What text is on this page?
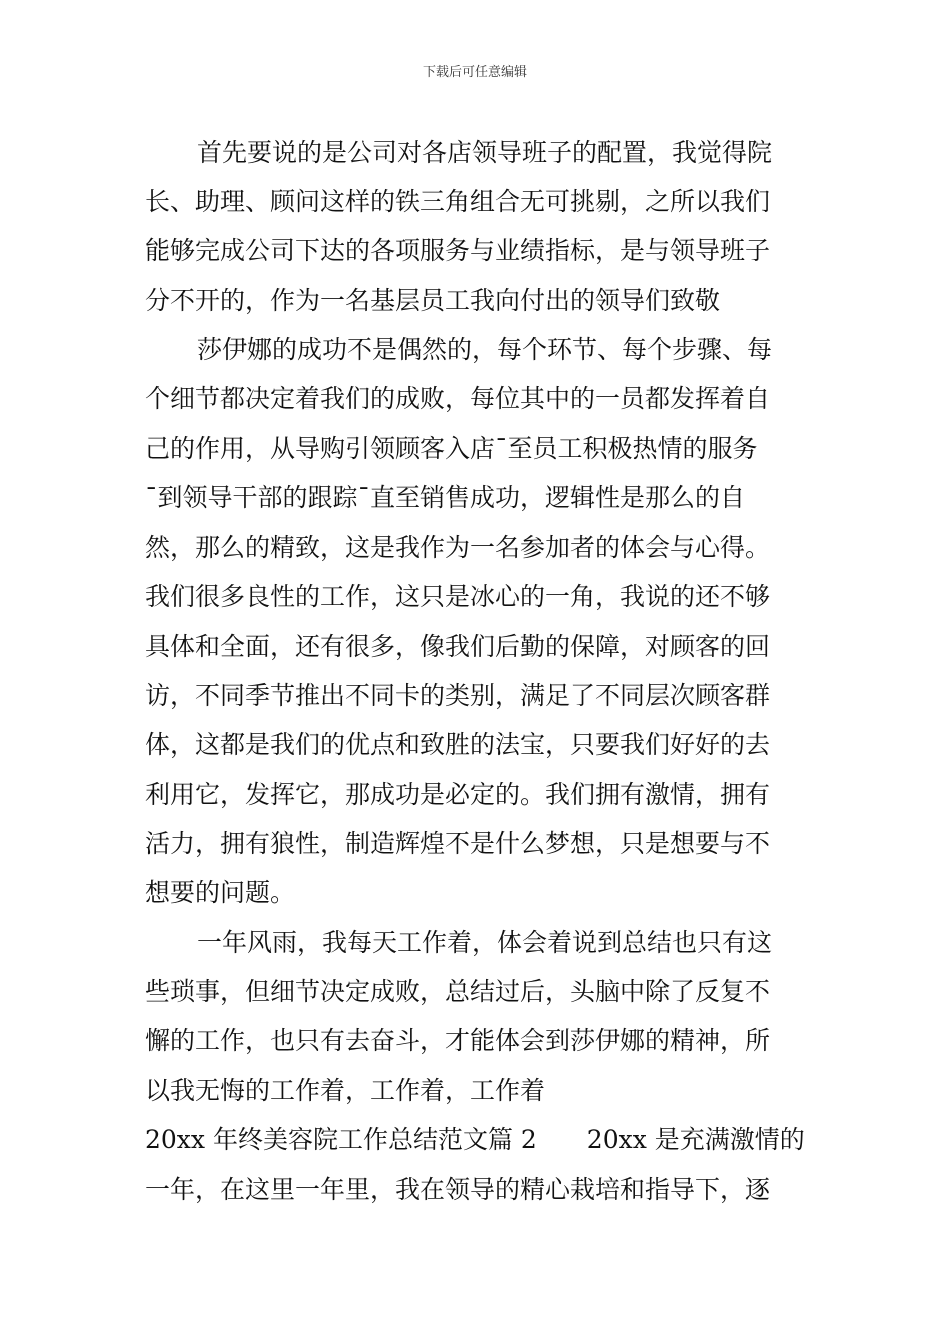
下载后可任意编辑
首先要说的是公司对各店领导班子的配置，我觉得院
长、助理、顾问这样的铁三角组合无可挑剔，之所以我们
能够完成公司下达的各项服务与业绩指标，是与领导班子
分不开的，作为一名基层员工我向付出的领导们致敬
莎伊娜的成功不是偶然的，每个环节、每个步骤、每
个细节都决定着我们的成败，每位其中的一员都发挥着自
己的作用，从导购引领顾客入店¯至员工积极热情的服务
¯到领导干部的跟踪¯直至销售成功，逻辑性是那么的自
然，那么的精致，这是我作为一名参加者的体会与心得。
我们很多良性的工作，这只是冰心的一角，我说的还不够
具体和全面，还有很多，像我们后勤的保障，对顾客的回
访，不同季节推出不同卡的类别，满足了不同层次顾客群
体，这都是我们的优点和致胜的法宝，只要我们好好的去
利用它，发挥它，那成功是必定的。我们拥有激情，拥有
活力，拥有狼性，制造辉煌不是什么梦想，只是想要与不
想要的问题。
一年风雨，我每天工作着，体会着说到总结也只有这
些琐事，但细节决定成败，总结过后，头脑中除了反复不
懈的工作，也只有去奋斗，才能体会到莎伊娜的精神，所
以我无悔的工作着，工作着，工作着
20xx 年终美容院工作总结范文篇 2　　20xx 是充满激情的
一年，在这里一年里，我在领导的精心栽培和指导下，逐
